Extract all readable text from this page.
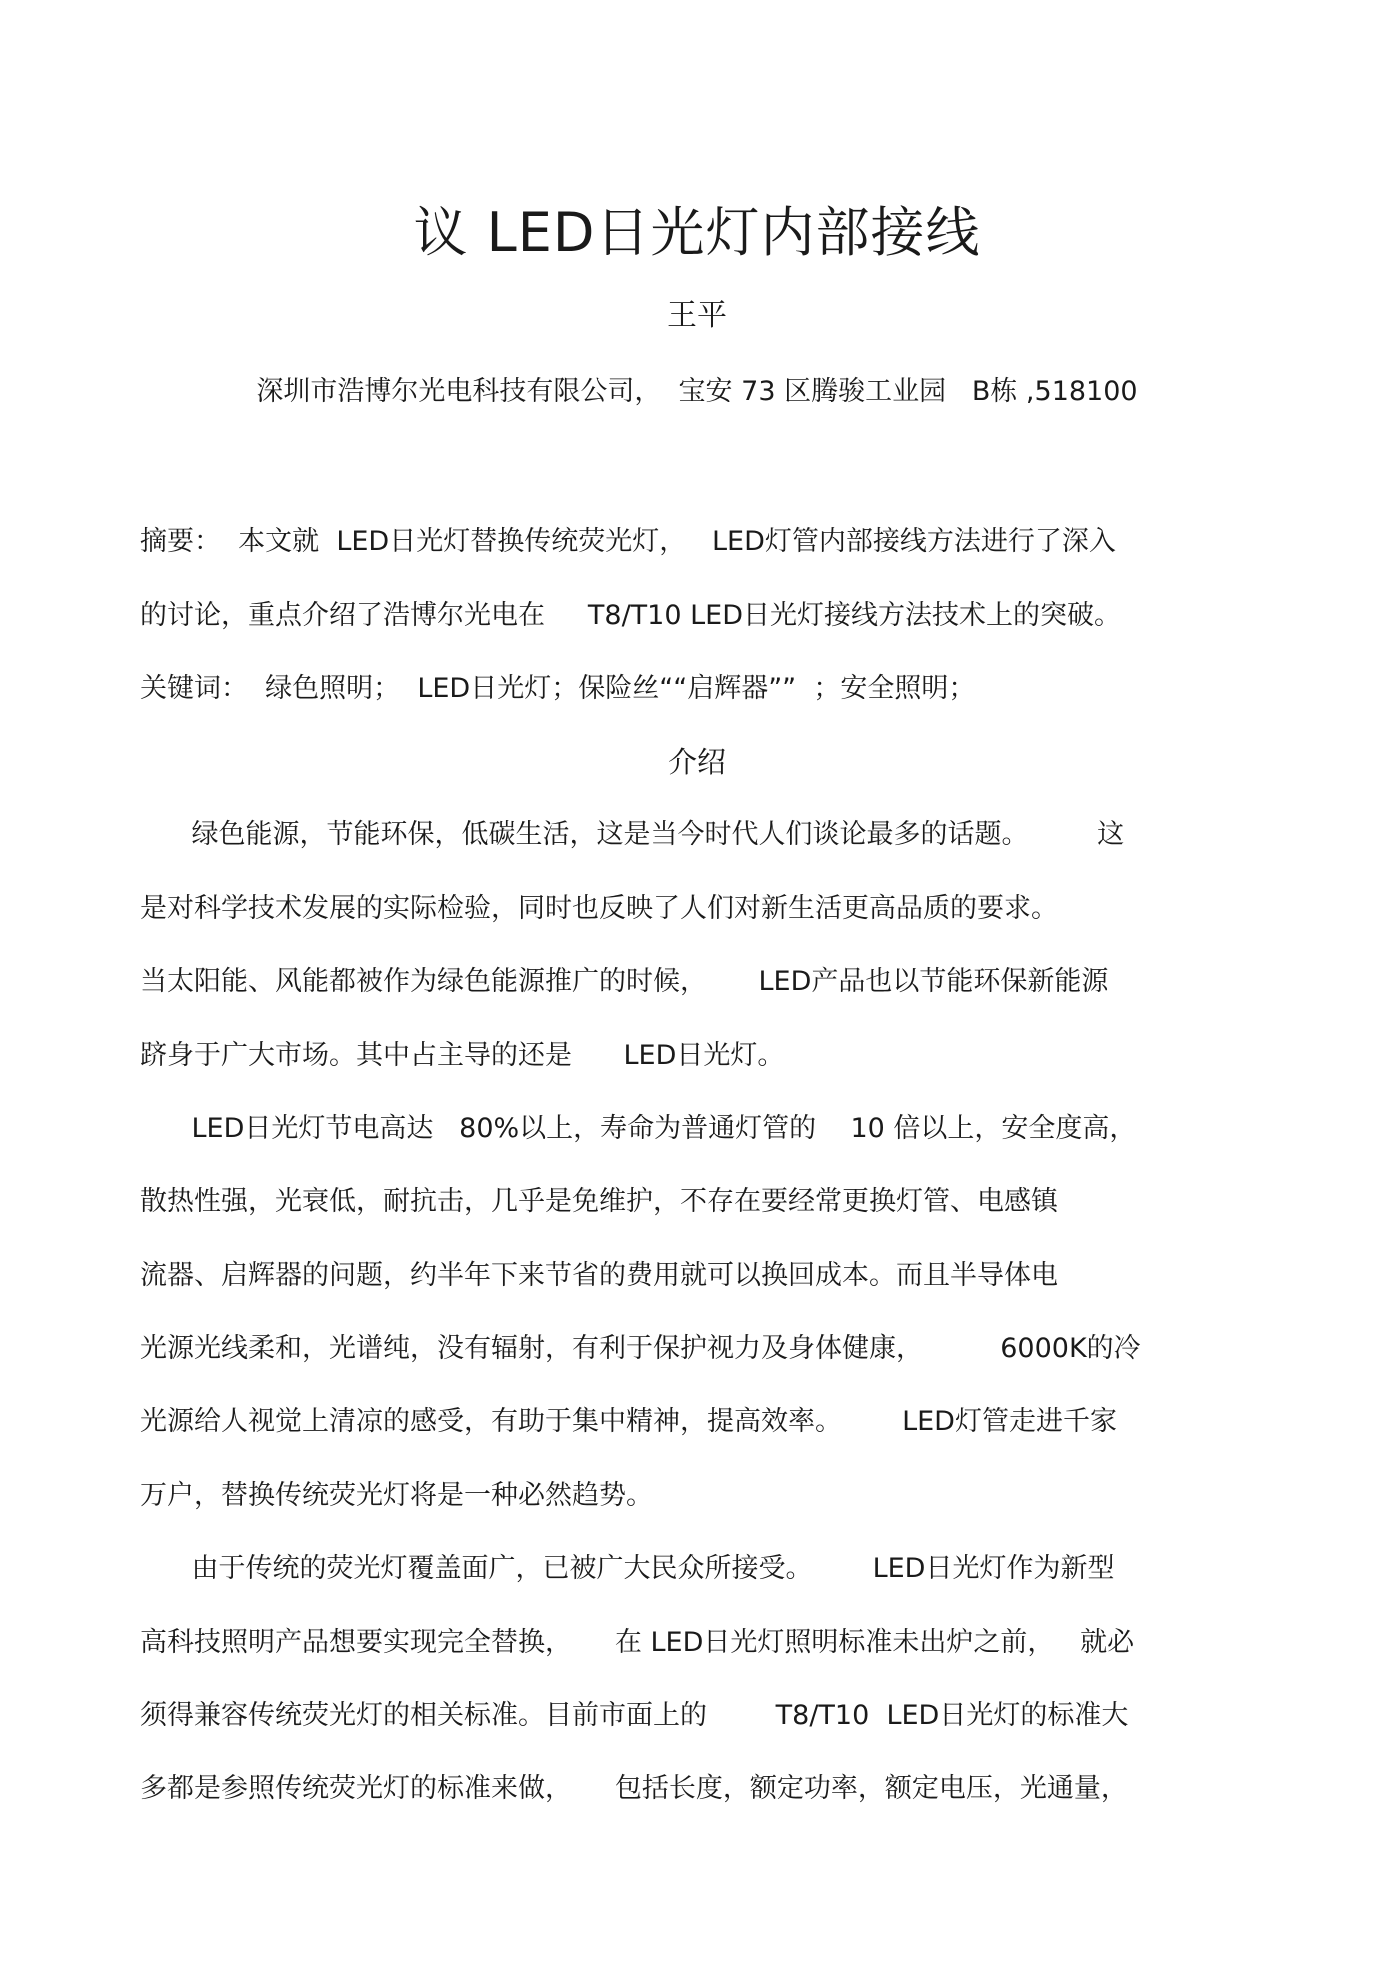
议 LED日光灯内部接线
王平
深圳市浩博尔光电科技有限公司，  宝安 73 区腾骏工业园   B栋 ,518100
摘要：  本文就  LED日光灯替换传统荧光灯，   LED灯管内部接线方法进行了深入
的讨论，重点介绍了浩博尔光电在     T8/T10 LED日光灯接线方法技术上的突破。
关键词：  绿色照明；  LED日光灯；保险丝““启辉器””  ；安全照明；
介绍
绿色能源，节能环保，低碳生活，这是当今时代人们谈论最多的话题。        这
是对科学技术发展的实际检验，同时也反映了人们对新生活更高品质的要求。
当太阳能、风能都被作为绿色能源推广的时候，      LED产品也以节能环保新能源
跻身于广大市场。其中占主导的还是      LED日光灯。
LED日光灯节电高达   80%以上，寿命为普通灯管的    10 倍以上，安全度高，
散热性强，光衰低，耐抗击，几乎是免维护，不存在要经常更换灯管、电感镇
流器、启辉器的问题，约半年下来节省的费用就可以换回成本。而且半导体电
光源光线柔和，光谱纯，没有辐射，有利于保护视力及身体健康，         6000K的冷
光源给人视觉上清凉的感受，有助于集中精神，提高效率。       LED灯管走进千家
万户，替换传统荧光灯将是一种必然趋势。
由于传统的荧光灯覆盖面广，已被广大民众所接受。       LED日光灯作为新型
高科技照明产品想要实现完全替换，     在 LED日光灯照明标准未出炉之前，   就必
须得兼容传统荧光灯的相关标准。目前市面上的        T8/T10  LED日光灯的标准大
多都是参照传统荧光灯的标准来做，     包括长度，额定功率，额定电压，光通量，
